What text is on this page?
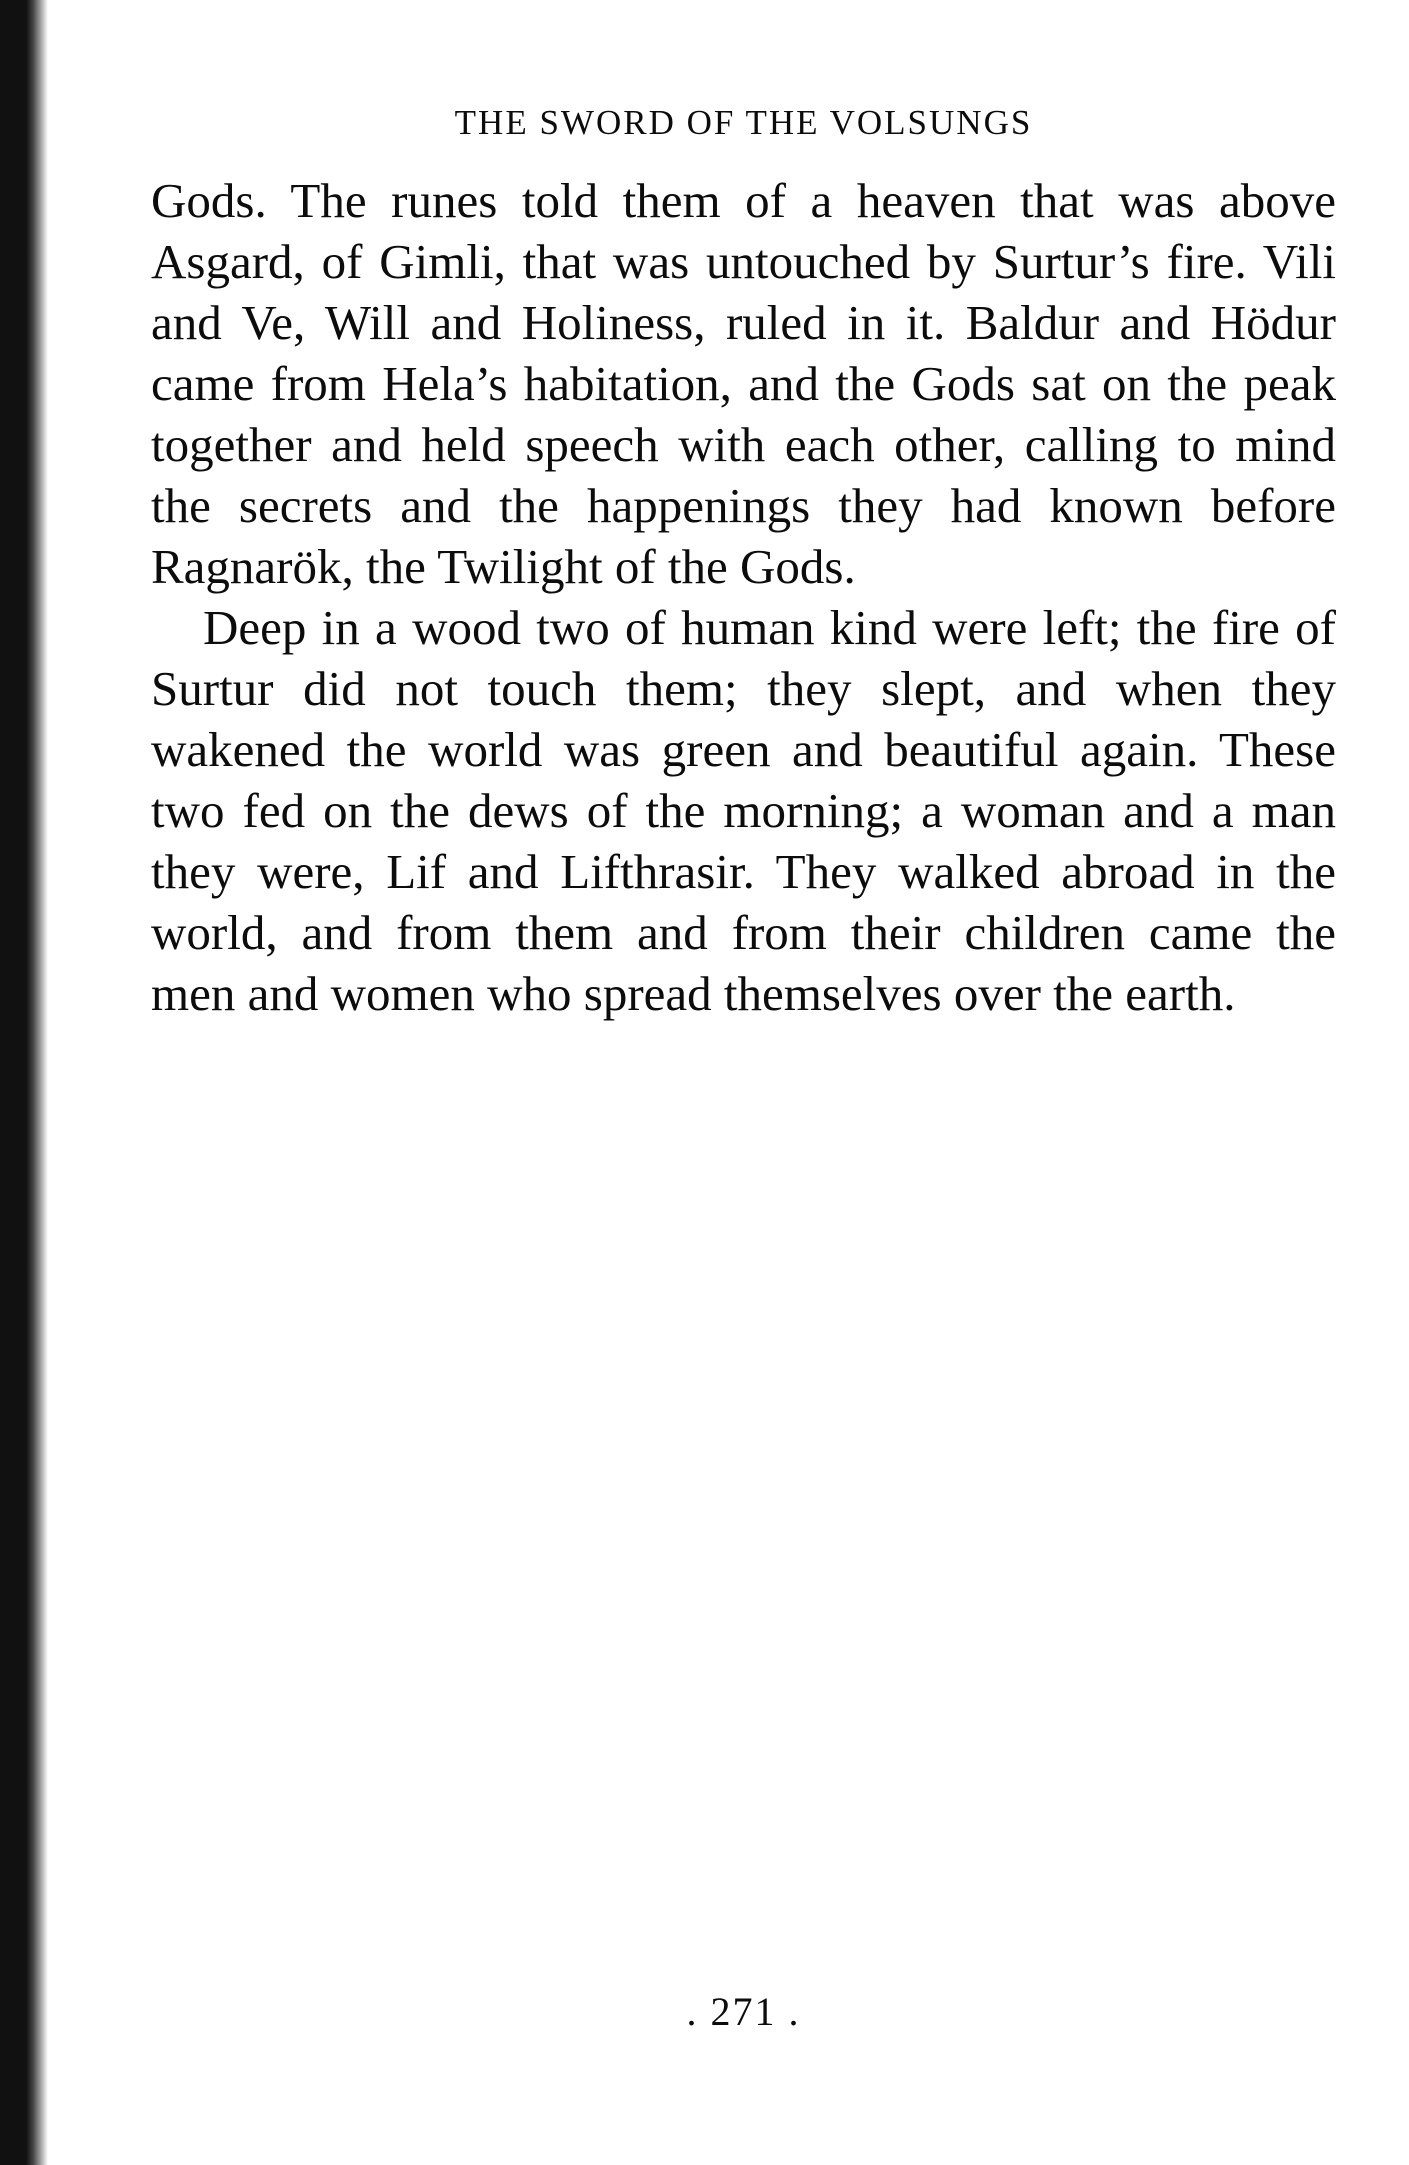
THE SWORD OF THE VOLSUNGS

Gods. The runes told them of a heaven that was above
Asgard, of Gimli, that was untouched by Surtur’s fire. Vili
and Ve, Will and Holiness, ruled in it. Baldur and Hödur
came from Hela’s habitation, and the Gods sat on the peak
together and held speech with each other, calling to mind
the secrets and the happenings they had known before
Ragnarök, the Twilight of the Gods.

Deep in a wood two of human kind were left; the fire of
Surtur did not touch them; they slept, and when they
wakened the world was green and beautiful again. These
two fed on the dews of the morning; a woman and a man
they were, Lif and Lifthrasir. They walked abroad in the
world, and from them and from their children came the
men and women who spread themselves over the earth.

. 271 .
